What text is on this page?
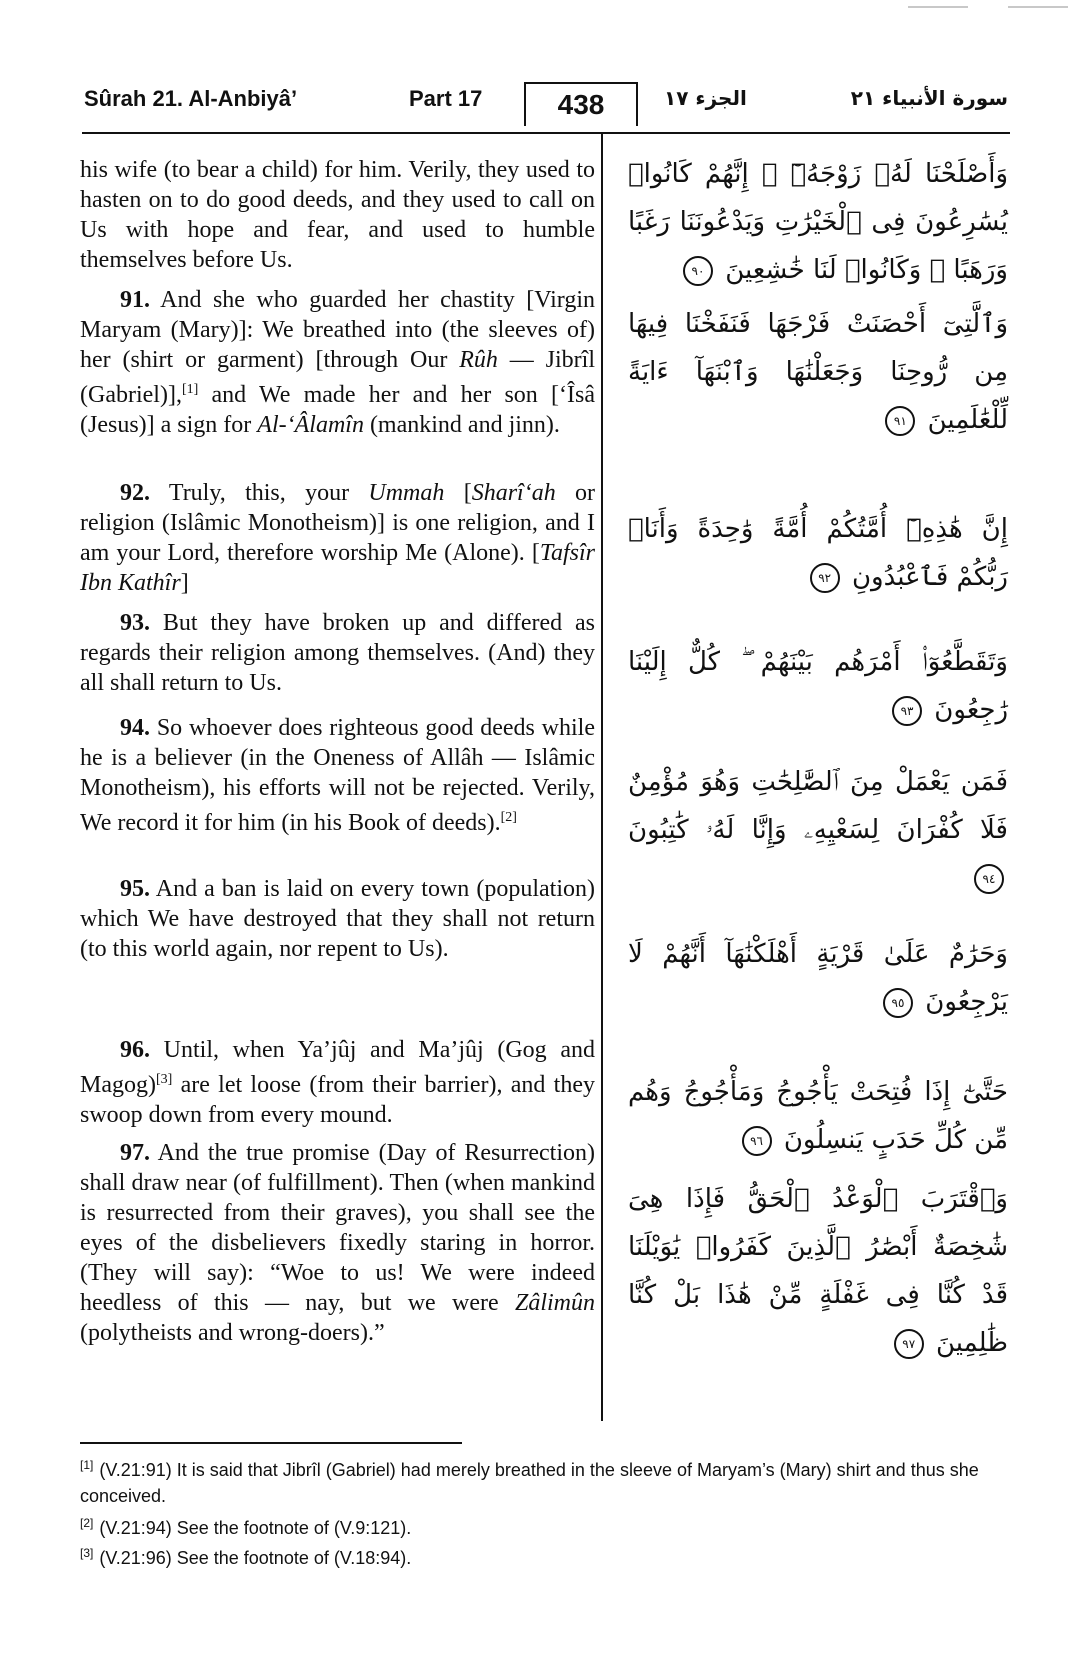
Sûrah 21. Al-Anbiyâ’	Part 17	438	الجزء ١٧	سورة الأنبياء ٢١

his wife (to bear a child) for him. Verily, they used to hasten on to do good deeds, and they used to call on Us with hope and fear, and used to humble themselves before Us.

91. And she who guarded her chastity [Virgin Maryam (Mary)]: We breathed into (the sleeves of) her (shirt or garment) [through Our Rûh — Jibrîl (Gabriel)],[1] and We made her and her son [‘Îsâ (Jesus)] a sign for Al-‘Âlamîn (mankind and jinn).

92. Truly, this, your Ummah [Sharî‘ah or religion (Islâmic Monotheism)] is one religion, and I am your Lord, therefore worship Me (Alone). [Tafsîr Ibn Kathîr]

93. But they have broken up and differed as regards their religion among themselves. (And) they all shall return to Us.

94. So whoever does righteous good deeds while he is a believer (in the Oneness of Allâh — Islâmic Monotheism), his efforts will not be rejected. Verily, We record it for him (in his Book of deeds).[2]

95. And a ban is laid on every town (population) which We have destroyed that they shall not return (to this world again, nor repent to Us).

96. Until, when Ya’jûj and Ma’jûj (Gog and Magog)[3] are let loose (from their barrier), and they swoop down from every mound.

97. And the true promise (Day of Resurrection) shall draw near (of fulfillment). Then (when mankind is resurrected from their graves), you shall see the eyes of the disbelievers fixedly staring in horror. (They will say): “Woe to us! We were indeed heedless of this — nay, but we were Zâlimûn (polytheists and wrong-doers).”

وَأَصْلَحْنَا لَهُۥ زَوْجَهُۥٓ ۚ إِنَّهُمْ كَانُوا۟ يُسَٰرِعُونَ فِى ٱلْخَيْرَٰتِ وَيَدْعُونَنَا رَغَبًا وَرَهَبًا ۖ وَكَانُوا۟ لَنَا خَٰشِعِينَ ٩٠

وَٱلَّتِىٓ أَحْصَنَتْ فَرْجَهَا فَنَفَخْنَا فِيهَا مِن رُّوحِنَا وَجَعَلْنَٰهَا وَٱبْنَهَآ ءَايَةً لِّلْعَٰلَمِينَ ٩١

إِنَّ هَٰذِهِۦٓ أُمَّتُكُمْ أُمَّةً وَٰحِدَةً وَأَنَا۠ رَبُّكُمْ فَٱعْبُدُونِ ٩٢

وَتَقَطَّعُوٓا۟ أَمْرَهُم بَيْنَهُمْ ۖ كُلٌّ إِلَيْنَا رَٰجِعُونَ ٩٣

فَمَن يَعْمَلْ مِنَ ٱلصَّٰلِحَٰتِ وَهُوَ مُؤْمِنٌ فَلَا كُفْرَانَ لِسَعْيِهِۦ وَإِنَّا لَهُۥ كَٰتِبُونَ ٩٤

وَحَرَٰمٌ عَلَىٰ قَرْيَةٍ أَهْلَكْنَٰهَآ أَنَّهُمْ لَا يَرْجِعُونَ ٩٥

حَتَّىٰٓ إِذَا فُتِحَتْ يَأْجُوجُ وَمَأْجُوجُ وَهُم مِّن كُلِّ حَدَبٍ يَنسِلُونَ ٩٦

وَٱقْتَرَبَ ٱلْوَعْدُ ٱلْحَقُّ فَإِذَا هِىَ شَٰخِصَةٌ أَبْصَٰرُ ٱلَّذِينَ كَفَرُوا۟ يَٰوَيْلَنَا قَدْ كُنَّا فِى غَفْلَةٍ مِّنْ هَٰذَا بَلْ كُنَّا ظَٰلِمِينَ ٩٧

[1] (V.21:91) It is said that Jibrîl (Gabriel) had merely breathed in the sleeve of Maryam’s (Mary) shirt and thus she conceived.

[2] (V.21:94) See the footnote of (V.9:121).

[3] (V.21:96) See the footnote of (V.18:94).
